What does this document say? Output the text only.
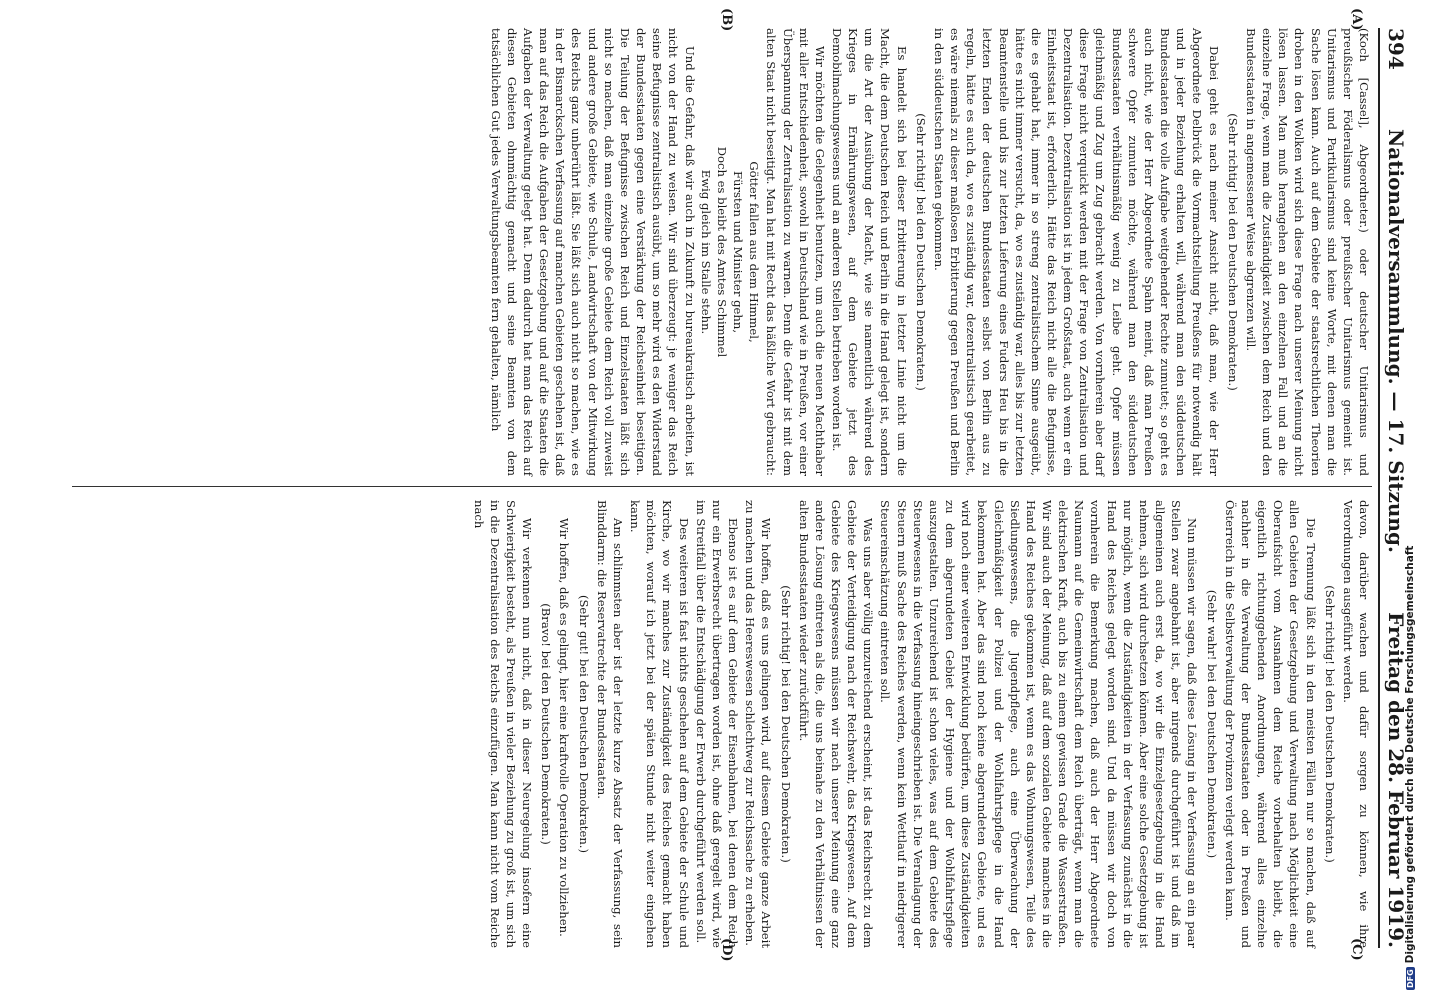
394
Nationalversammlung. — 17. Sitzung.
Freitag den 28. Februar 1919.
(A)
(B)
(C)
(D)

(Koch [Cassel], Abgeordneter.) oder deutscher Unitarismus und preußischer Föderalismus oder preußischer Unitarismus gemeint ist. Unitarismus und Partikularismus sind keine Worte, mit denen man die Sache lösen kann. Auch auf dem Gebiete der staatsrechtlichen Theorien droben in den Wolken wird sich diese Frage nach unserer Meinung nicht lösen lassen. Man muß herangehen an den einzelnen Fall und an die einzelne Frage, wenn man die Zuständigkeit zwischen dem Reich und den Bundesstaaten in angemessener Weise abgrenzen will.

(Sehr richtig! bei den Deutschen Demokraten.)

Dabei geht es nach meiner Ansicht nicht, daß man, wie der Herr Abgeordnete Delbrück die Vormachtstellung Preußens für notwendig hält und in jeder Beziehung erhalten will, während man den süddeutschen Bundesstaaten die volle Aufgabe weitgehender Rechte zumutet; so geht es auch nicht, wie der Herr Abgeordnete Spahn meint, daß man Preußen schwere Opfer zumuten möchte, während man den süddeutschen Bundesstaaten verhältnismäßig wenig zu Leibe geht. Opfer müssen gleichmäßig und Zug um Zug gebracht werden. Von vornherein aber darf diese Frage nicht verquickt werden mit der Frage von Zentralisation und Dezentralisation. Dezentralisation ist in jedem Großstaat, auch wenn er ein Einheitsstaat ist, erforderlich. Hätte das Reich nicht alle die Befugnisse, die es gehabt hat, immer in so streng zentralistischem Sinne ausgeübt, hätte es nicht immer versucht, da, wo es zuständig war, alles bis zur letzten Beamtenstelle und bis zur letzten Lieferung eines Fuders Heu bis in die letzten Enden der deutschen Bundesstaaten selbst von Berlin aus zu regeln, hätte es auch da, wo es zuständig war, dezentralistisch gearbeitet, es wäre niemals zu dieser maßlosen Erbitterung gegen Preußen und Berlin in den süddeutschen Staaten gekommen.

(Sehr richtig! bei den Deutschen Demokraten.)

Es handelt sich bei dieser Erbitterung in letzter Linie nicht um die Macht, die dem Deutschen Reich und Berlin in die Hand gelegt ist, sondern um die Art der Ausübung der Macht, wie sie namentlich während des Krieges in Ernährungswesen, auf dem Gebiete jetzt des Demobilmachungswesens und an anderen Stellen betrieben worden ist.

Wir möchten die Gelegenheit benutzen, um auch die neuen Machthaber mit aller Entschiedenheit, sowohl in Deutschland wie in Preußen, vor einer Überspannung der Zentralisation zu warnen. Denn die Gefahr ist mit dem alten Staat nicht beseitigt. Man hat mit Recht das häßliche Wort gebraucht:

Götter fallen aus dem Himmel,

Fürsten und Minister gehn,

Doch es bleibt des Amtes Schimmel

Ewig gleich im Stalle stehn.

Und die Gefahr, daß wir auch in Zukunft zu bureaukratisch arbeiten, ist nicht von der Hand zu weisen. Wir sind überzeugt: je weniger das Reich seine Befugnisse zentralistisch ausübt, um so mehr wird es den Widerstand der Bundesstaaten gegen eine Verstärkung der Reichseinheit beseitigen. Die Teilung der Befugnisse zwischen Reich und Einzelstaaten läßt sich nicht so machen, daß man einzelne große Gebiete dem Reich voll zuweist und andere große Gebiete, wie Schule, Landwirtschaft von der Mitwirkung des Reichs ganz unberührt läßt. Sie läßt sich auch nicht so machen, wie es in der Bismarckschen Verfassung auf manchen Gebieten geschehen ist, daß man auf das Reich die Aufgaben der Gesetzgebung und auf die Staaten die Aufgaben der Verwaltung gelegt hat. Denn dadurch hat man das Reich auf diesen Gebieten ohnmächtig gemacht und seine Beamten von dem tatsächlichen Gut jedes Verwaltungsbeamten fern gehalten, nämlich

davon, darüber wachen und dafür sorgen zu können, wie ihre Verordnungen ausgeführt werden.

(Sehr richtig! bei den Deutschen Demokraten.)

Die Trennung läßt sich in den meisten Fällen nur so machen, daß auf allen Gebieten der Gesetzgebung und Verwaltung nach Möglichkeit eine Oberaufsicht vom Ausnahmen dem Reiche vorbehalten bleibt, die eigentlich richtunggebenden Anordnungen, während alles einzelne nachher in die Verwaltung der Bundesstaaten oder in Preußen und Österreich in die Selbstverwaltung der Provinzen verlegt werden kann.

(Sehr wahr! bei den Deutschen Demokraten.)

Nun müssen wir sagen, daß diese Lösung in der Verfassung an ein paar Stellen zwar angebahnt ist, aber nirgends durchgeführt ist und daß im allgemeinen auch erst da, wo wir die Einzelgesetzgebung in die Hand nehmen, sich wird durchsetzen können. Aber eine solche Gesetzgebung ist nur möglich, wenn die Zuständigkeiten in der Verfassung zunächst in die Hand des Reiches gelegt worden sind. Und da müssen wir doch von vornherein die Bemerkung machen, daß auch der Herr Abgeordnete Naumann auf die Gemeinwirtschaft dem Reich überträgt, wenn man die elektrischen Kraft, auch bis zu einem gewissen Grade die Wasserstraßen. Wir sind auch der Meinung, daß auf dem sozialen Gebiete manches in die Hand des Reiches gekommen ist, wenn es das Wohnungswesen, Teile des Siedlungswesens, die Jugendpflege, auch eine Überwachung der Gleichmäßigkeit der Polizei und der Wohlfahrtspflege in die Hand bekommen hat. Aber das sind noch keine abgerundeten Gebiete, und es wird noch einer weiteren Entwicklung bedürfen, um diese Zuständigkeiten zu dem abgerundeten Gebiet der Hygiene und der Wohlfahrtspflege auszugestalten. Unzureichend ist schon vieles, was auf dem Gebiete des Steuerwesens in die Verfassung hineingeschrieben ist. Die Veranlagung der Steuern muß Sache des Reiches werden, wenn kein Wettlauf in niedrigerer Steuereinschätzung eintreten soll.

Was uns aber völlig unzureichend erscheint, ist das Reichsrecht zu dem Gebiete der Verteidigung nach der Reichswehr, das Kriegswesen. Auf dem Gebiete des Kriegswesens müssen wir nach unserer Meinung eine ganz andere Lösung eintreten als die, die uns beinahe zu den Verhältnissen der alten Bundesstaaten wieder zurückführt.

(Sehr richtig! bei den Deutschen Demokraten.)

Wir hoffen, daß es uns gelingen wird, auf diesem Gebiete ganze Arbeit zu machen und das Heereswesen schlechtweg zur Reichssache zu erheben.

Ebenso ist es auf dem Gebiete der Eisenbahnen, bei denen dem Reich nur ein Erwerbsrecht übertragen worden ist, ohne daß geregelt wird, wie im Streitfall über die Entschädigung der Erwerb durchgeführt werden soll.

Des weiteren ist fast nichts geschehen auf dem Gebiete der Schule und Kirche, wo wir manches zur Zuständigkeit des Reiches gemacht haben möchten, worauf ich jetzt bei der späten Stunde nicht weiter eingehen kann.

Am schlimmsten aber ist der letzte kurze Absatz der Verfassung, sein Blinddarm: die Reservatrechte der Bundesstaaten.

(Sehr gut! bei den Deutschen Demokraten.)

Wir hoffen, daß es gelingt, hier eine kraftvolle Operation zu vollziehen.

(Bravo! bei den Deutschen Demokraten.)

Wir verkennen nun nicht, daß in dieser Neuregelung insofern eine Schwierigkeit besteht, als Preußen in vieler Beziehung zu groß ist, um sich in die Dezentralisation des Reichs einzufügen. Man kann nicht vom Reiche nach

DFGDigitalisierung gefördert durch die Deutsche Forschungsgemeinschaft
